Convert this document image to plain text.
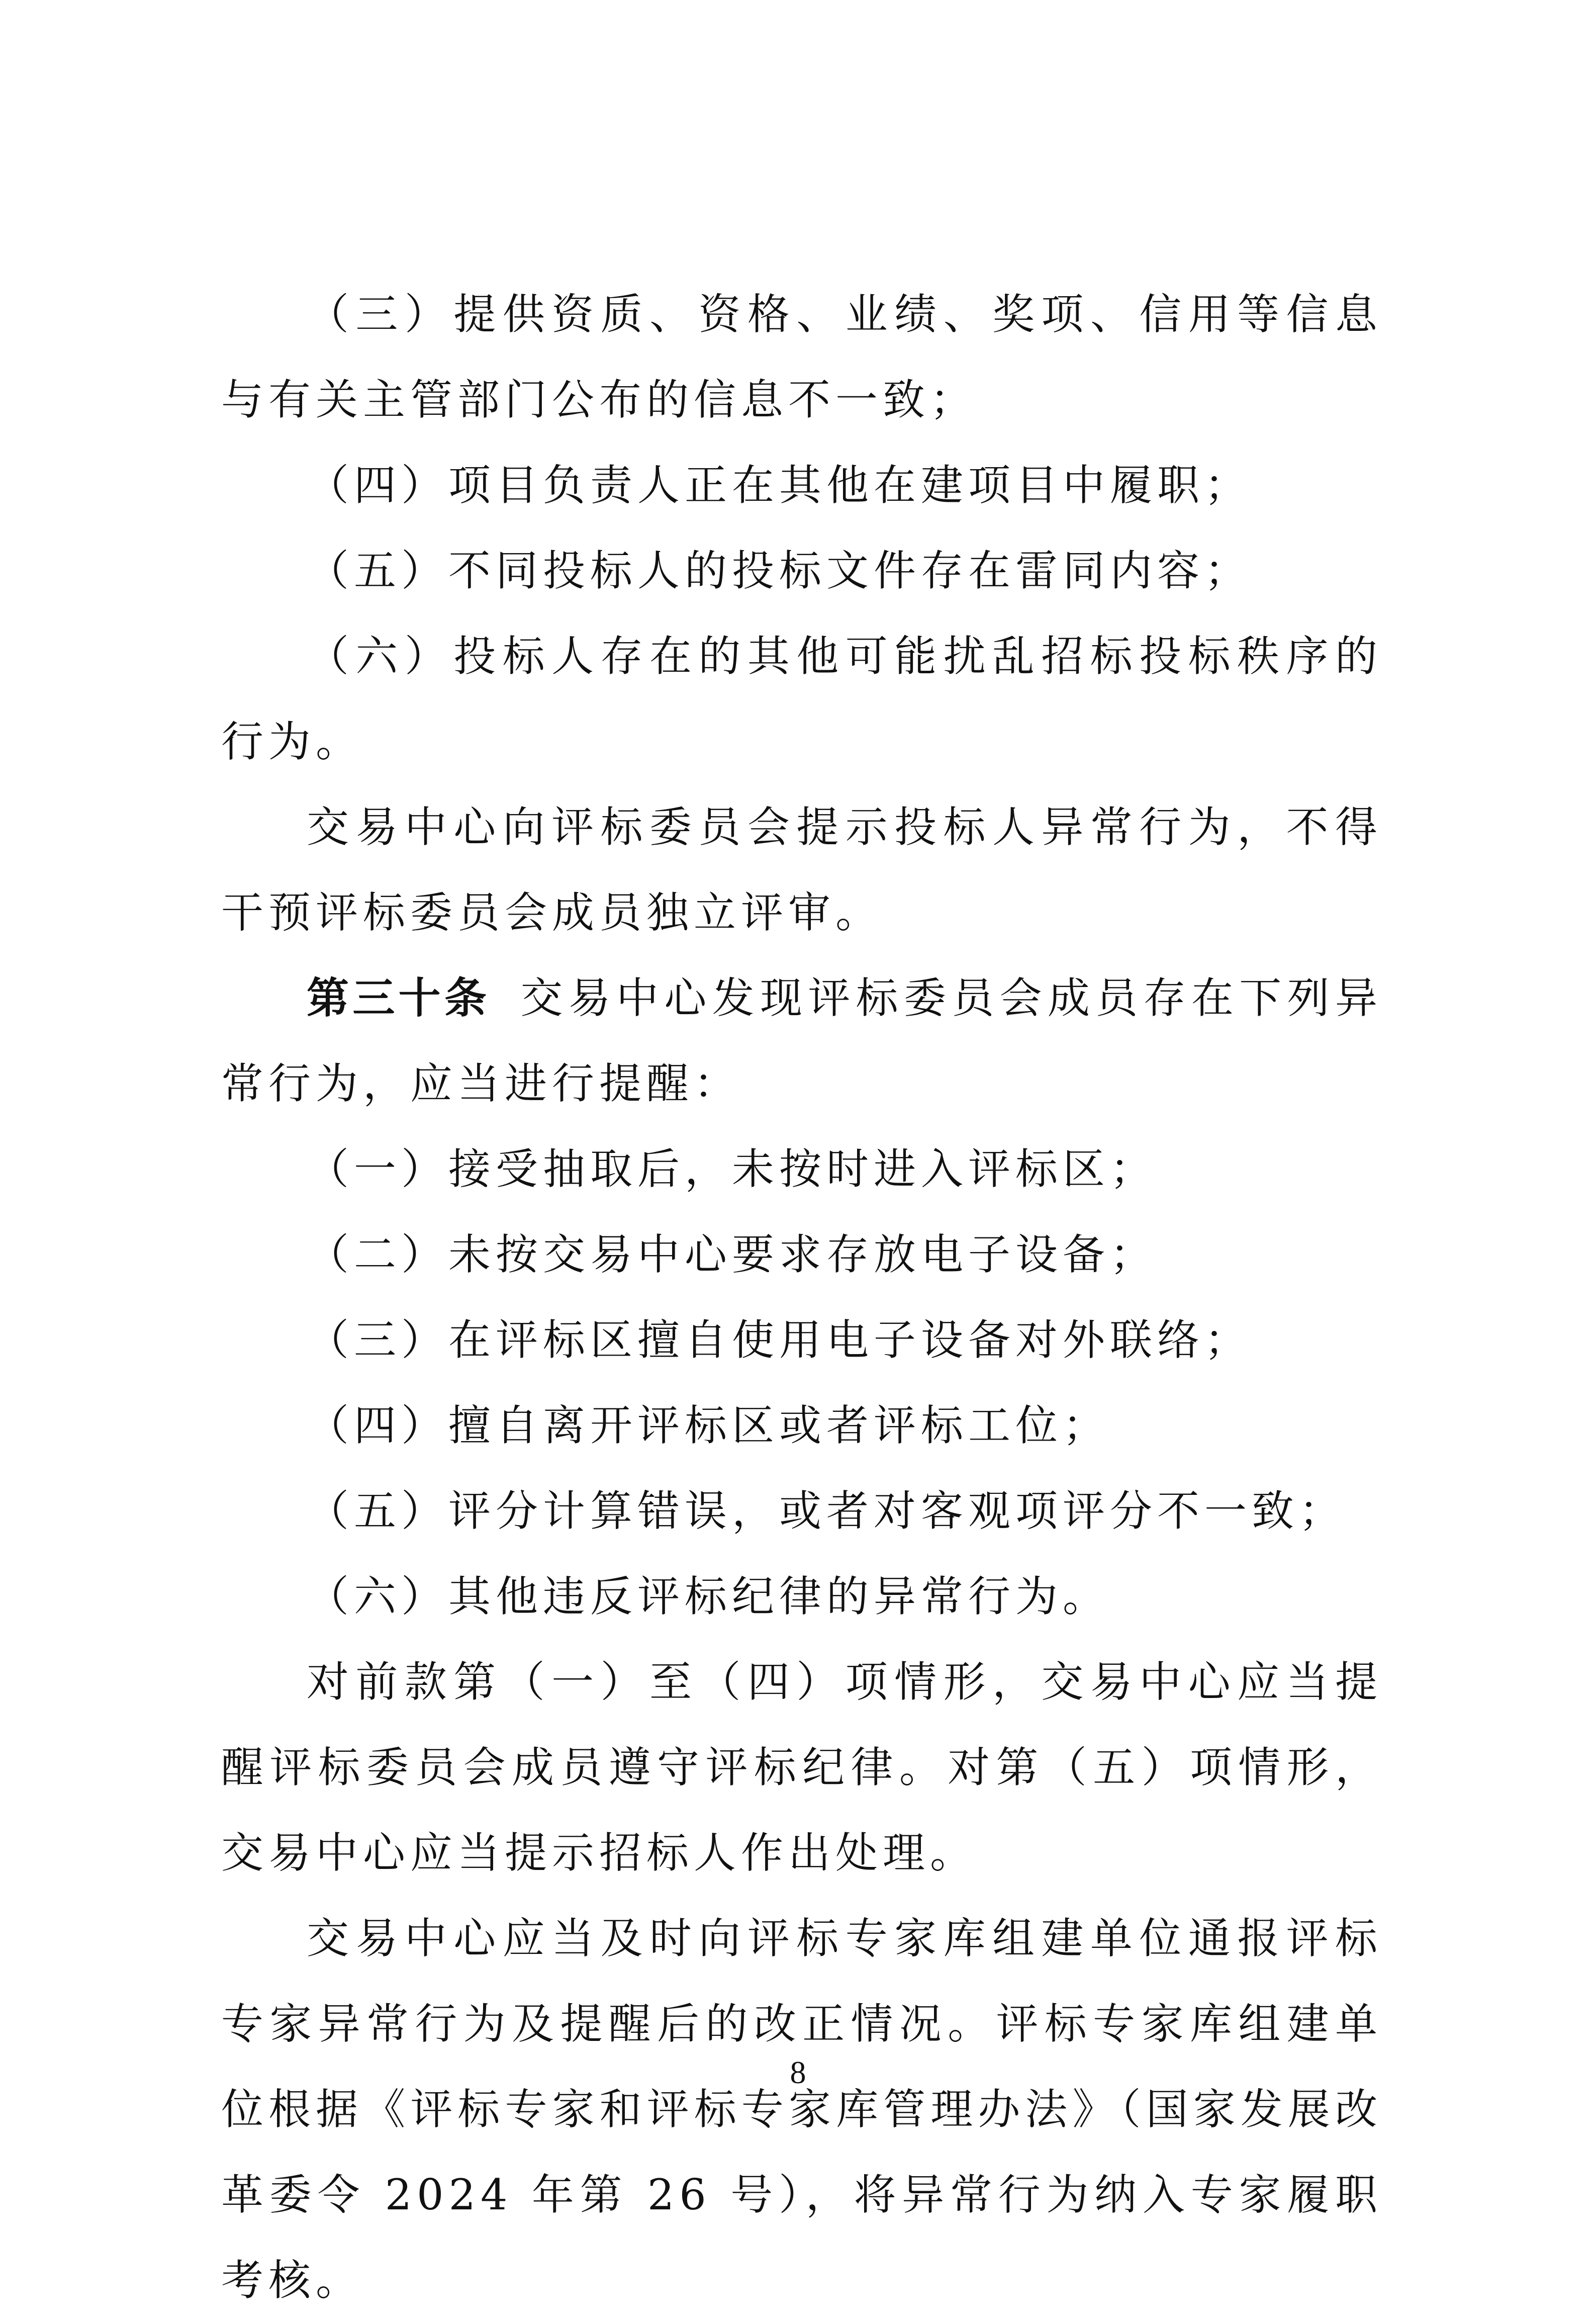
（三）提供资质、资格、业绩、奖项、信用等信息与有关主管部门公布的信息不一致；

（四）项目负责人正在其他在建项目中履职；

（五）不同投标人的投标文件存在雷同内容；

（六）投标人存在的其他可能扰乱招标投标秩序的行为。

交易中心向评标委员会提示投标人异常行为，不得干预评标委员会成员独立评审。

第三十条 交易中心发现评标委员会成员存在下列异常行为，应当进行提醒：

（一）接受抽取后，未按时进入评标区；

（二）未按交易中心要求存放电子设备；

（三）在评标区擅自使用电子设备对外联络；

（四）擅自离开评标区或者评标工位；

（五）评分计算错误，或者对客观项评分不一致；

（六）其他违反评标纪律的异常行为。

对前款第（一）至（四）项情形，交易中心应当提醒评标委员会成员遵守评标纪律。对第（五）项情形，交易中心应当提示招标人作出处理。

交易中心应当及时向评标专家库组建单位通报评标专家异常行为及提醒后的改正情况。评标专家库组建单位根据《评标专家和评标专家库管理办法》（国家发展改革委令 2024 年第 26 号），将异常行为纳入专家履职考核。

8
